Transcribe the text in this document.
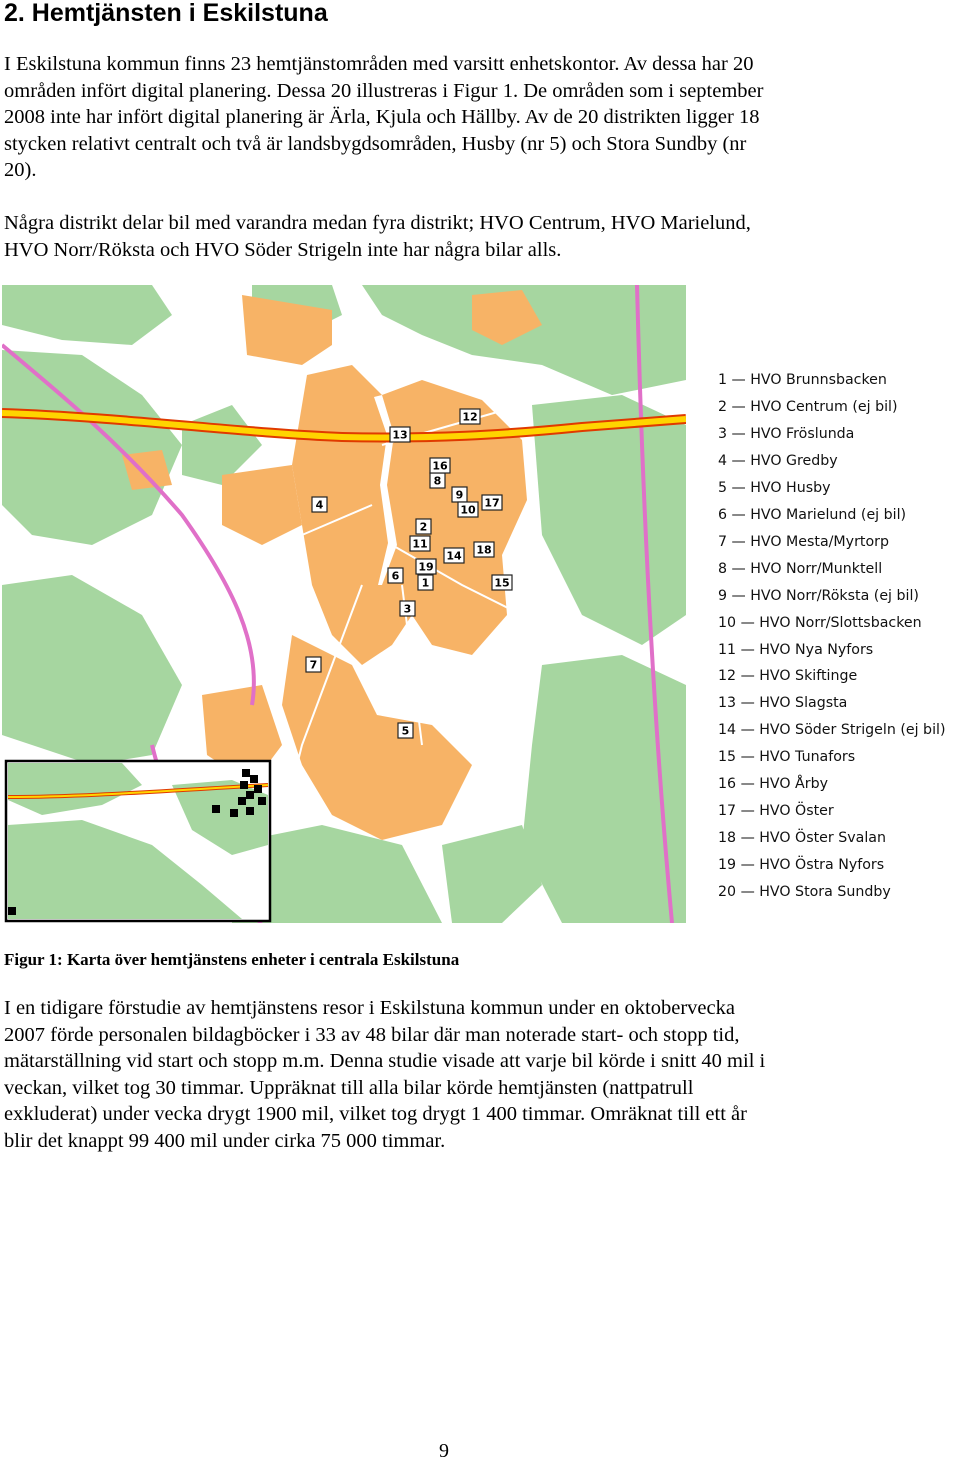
2. Hemtjänsten i Eskilstuna

I Eskilstuna kommun finns 23 hemtjänstområden med varsitt enhetskontor. Av dessa har 20
områden infört digital planering. Dessa 20 illustreras i Figur 1. De områden som i september
2008 inte har infört digital planering är Ärla, Kjula och Hällby. Av de 20 distrikten ligger 18
stycken relativt centralt och två är landsbygdsområden, Husby (nr 5) och Stora Sundby (nr
20).

Några distrikt delar bil med varandra medan fyra distrikt; HVO Centrum, HVO Marielund,
HVO Norr/Röksta och HVO Söder Strigeln inte har några bilar alls.

1
2
3
4
5
6
7
8
9
10
11
12
13
14
15
16
17
18
19
1 — HVO Brunnsbacken
2 — HVO Centrum (ej bil)
3 — HVO Fröslunda
4 — HVO Gredby
5 — HVO Husby
6 — HVO Marielund (ej bil)
7 — HVO Mesta/Myrtorp
8 — HVO Norr/Munktell
9 — HVO Norr/Röksta (ej bil)
10 — HVO Norr/Slottsbacken
11 — HVO Nya Nyfors
12 — HVO Skiftinge
13 — HVO Slagsta
14 — HVO Söder Strigeln (ej bil)
15 — HVO Tunafors
16 — HVO Årby
17 — HVO Öster
18 — HVO Öster Svalan
19 — HVO Östra Nyfors
20 — HVO Stora Sundby

Figur 1: Karta över hemtjänstens enheter i centrala Eskilstuna

I en tidigare förstudie av hemtjänstens resor i Eskilstuna kommun under en oktobervecka
2007 förde personalen bildagböcker i 33 av 48 bilar där man noterade start- och stopp tid,
mätarställning vid start och stopp m.m. Denna studie visade att varje bil körde i snitt 40 mil i
veckan, vilket tog 30 timmar. Uppräknat till alla bilar körde hemtjänsten (nattpatrull
exkluderat) under vecka drygt 1900 mil, vilket tog drygt 1 400 timmar. Omräknat till ett år
blir det knappt 99 400 mil under cirka 75 000 timmar.

9
